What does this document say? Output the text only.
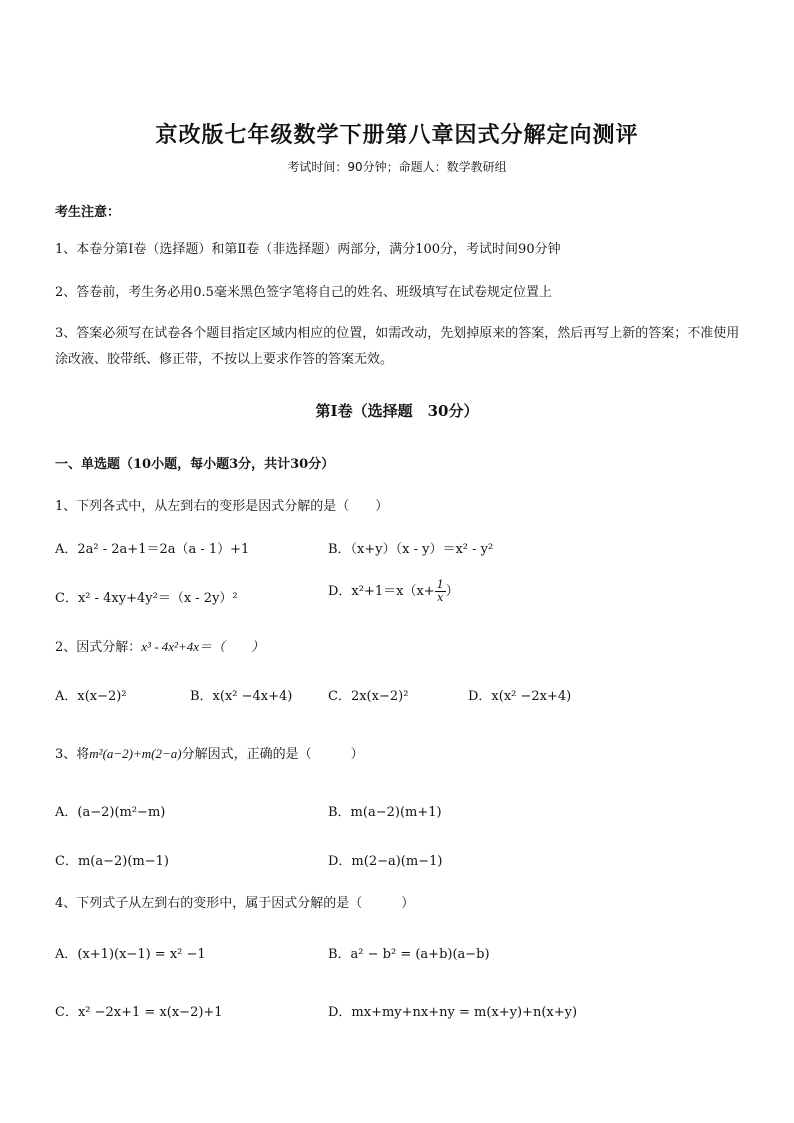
京改版七年级数学下册第八章因式分解定向测评
考试时间：90分钟；命题人：数学教研组
考生注意：
1、本卷分第Ⅰ卷（选择题）和第Ⅱ卷（非选择题）两部分，满分100分，考试时间90分钟
2、答卷前，考生务必用0.5毫米黑色签字笔将自己的姓名、班级填写在试卷规定位置上
3、答案必须写在试卷各个题目指定区域内相应的位置，如需改动，先划掉原来的答案，然后再写上新的答案；不准使用涂改液、胶带纸、修正带，不按以上要求作答的答案无效。
第Ⅰ卷（选择题　30分）
一、单选题（10小题，每小题3分，共计30分）
1、下列各式中，从左到右的变形是因式分解的是（　　）
A．2a² - 2a+1＝2a（a - 1）+1	B．（x+y）（x - y）＝x² - y²
C．x² - 4xy+4y²＝（x - 2y）²	D．$x^2+1=x(x+ \frac{1}{x}$ ）
2、因式分解：x³ - 4x²+4x＝（　　）
A．x(x−2)²	B．x(x² −4x+4)	C．2x(x−2)²	D．x(x² −2x+4)
3、将m²(a−2)+m(2−a)分解因式，正确的是（　　　）
A．(a−2)(m²−m)	B．m(a−2)(m+1)
C．m(a−2)(m−1)	D．m(2−a)(m−1)
4、下列式子从左到右的变形中，属于因式分解的是（　　　）
A．(x+1)(x−1) = x² −1	B．a² − b² = (a+b)(a−b)
C．x² −2x+1 = x(x−2)+1	D．mx+my+nx+ny = m(x+y)+n(x+y)
